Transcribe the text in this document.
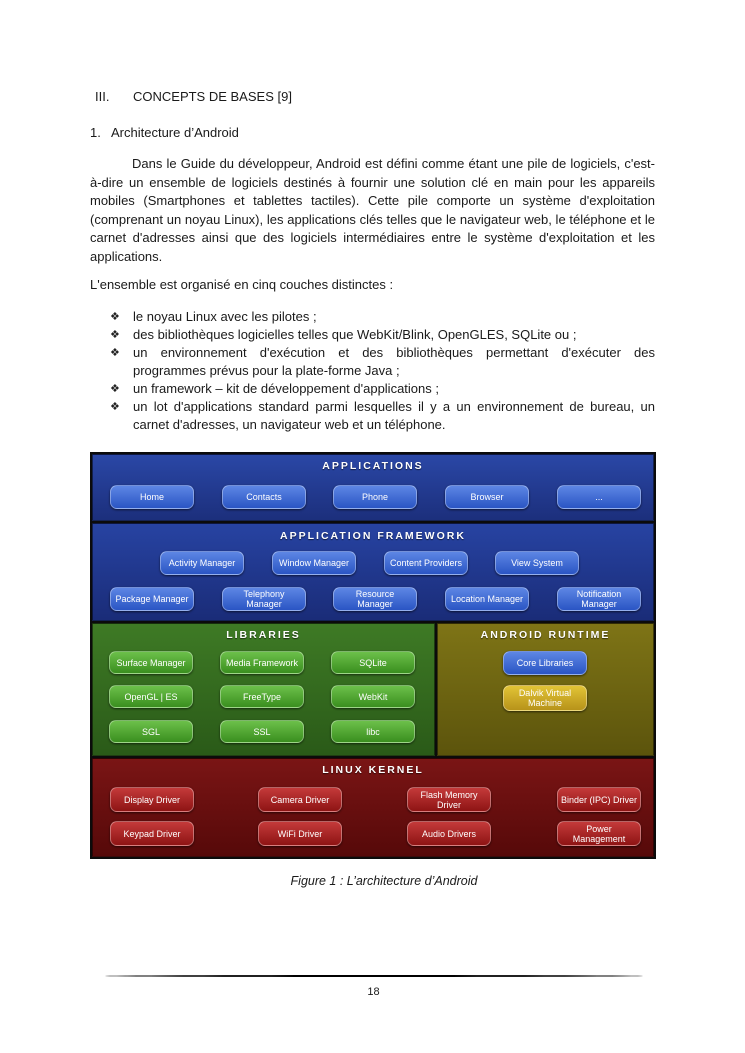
III. CONCEPTS DE BASES [9]
1. Architecture d’Android

Dans le Guide du développeur, Android est défini comme étant une pile de logiciels, c'est-à-dire un ensemble de logiciels destinés à fournir une solution clé en main pour les appareils mobiles (Smartphones et tablettes tactiles). Cette pile comporte un système d'exploitation (comprenant un noyau Linux), les applications clés telles que le navigateur web, le téléphone et le carnet d'adresses ainsi que des logiciels intermédiaires entre le système d'exploitation et les applications.

L'ensemble est organisé en cinq couches distinctes :

❖ le noyau Linux avec les pilotes ;
❖ des bibliothèques logicielles telles que WebKit/Blink, OpenGLES, SQLite ou ;
❖ un environnement d'exécution et des bibliothèques permettant d'exécuter des programmes prévus pour la plate-forme Java ;
❖ un framework – kit de développement d'applications ;
❖ un lot d'applications standard parmi lesquelles il y a un environnement de bureau, un carnet d'adresses, un navigateur web et un téléphone.
APPLICATIONS
Home	Contacts	Phone	Browser	...
APPLICATION FRAMEWORK
Activity Manager	Window Manager	Content Providers	View System
Package Manager	Telephony Manager
Resource Manager	Location Manager	Notification Manager
LIBRARIES
Surface Manager	Media Framework	SQLite
OpenGL | ES	FreeType	WebKit
SGL	SSL	libc
ANDROID RUNTIME
Core Libraries
Dalvik Virtual Machine
LINUX KERNEL
Display Driver	Camera Driver	Flash Memory Driver	Binder (IPC) Driver
Keypad Driver	WiFi Driver	Audio Drivers	Power Management
Figure 1 : L’architecture d’Android
18
